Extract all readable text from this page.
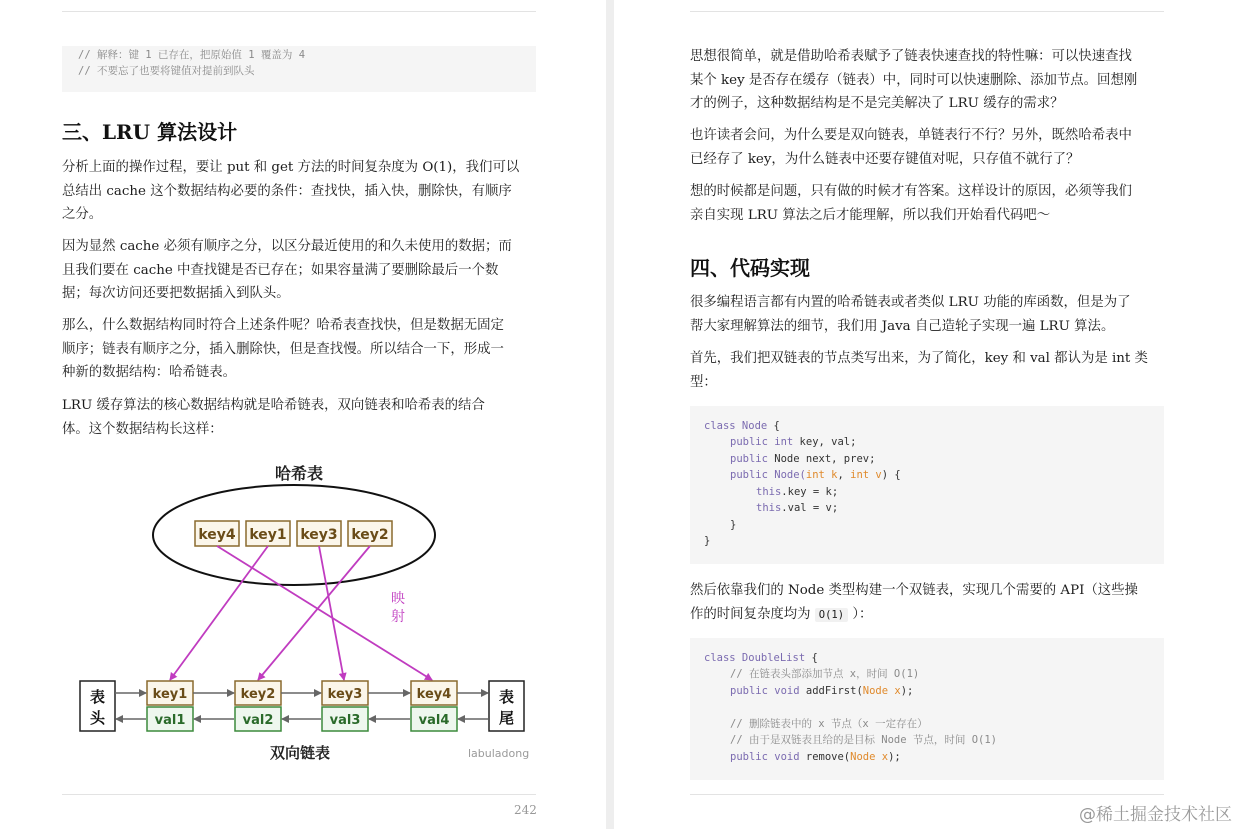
// 解释：键 1 已存在，把原始值 1 覆盖为 4

// 不要忘了也要将键值对提前到队头

三、LRU 算法设计
分析上面的操作过程，要让 put 和 get 方法的时间复杂度为 O(1)，我们可以
总结出 cache 这个数据结构必要的条件：查找快，插入快，删除快，有顺序
之分。
因为显然 cache 必须有顺序之分，以区分最近使用的和久未使用的数据；而
且我们要在 cache 中查找键是否已存在；如果容量满了要删除最后一个数
据；每次访问还要把数据插入到队头。
那么，什么数据结构同时符合上述条件呢？哈希表查找快，但是数据无固定
顺序；链表有顺序之分，插入删除快，但是查找慢。所以结合一下，形成一
种新的数据结构：哈希链表。
LRU 缓存算法的核心数据结构就是哈希链表，双向链表和哈希表的结合
体。这个数据结构长这样：
哈希表
key4 key1 key3 key2
映
射
表
头
表
尾
key1
val1
key2
val2
key3
val3
key4
val4
双向链表	labuladong
242
思想很简单，就是借助哈希表赋予了链表快速查找的特性嘛：可以快速查找
某个 key 是否存在缓存（链表）中，同时可以快速删除、添加节点。回想刚
才的例子，这种数据结构是不是完美解决了 LRU 缓存的需求？
也许读者会问，为什么要是双向链表，单链表行不行？另外，既然哈希表中
已经存了 key，为什么链表中还要存键值对呢，只存值不就行了？
想的时候都是问题，只有做的时候才有答案。这样设计的原因，必须等我们
亲自实现 LRU 算法之后才能理解，所以我们开始看代码吧～
四、代码实现
很多编程语言都有内置的哈希链表或者类似 LRU 功能的库函数，但是为了
帮大家理解算法的细节，我们用 Java 自己造轮子实现一遍 LRU 算法。
首先，我们把双链表的节点类写出来，为了简化，key 和 val 都认为是 int 类
型：

class Node {

public int key, val;

public Node next, prev;

public Node(int k, int v) {

this.key = k;

this.val = v;

}

}

然后依靠我们的 Node 类型构建一个双链表，实现几个需要的 API（这些操
作的时间复杂度均为 O(1) ）：

class DoubleList {

// 在链表头部添加节点 x，时间 O(1)

public void addFirst(Node x);

// 删除链表中的 x 节点（x 一定存在）

// 由于是双链表且给的是目标 Node 节点，时间 O(1)

public void remove(Node x);

@稀土掘金技术社区
